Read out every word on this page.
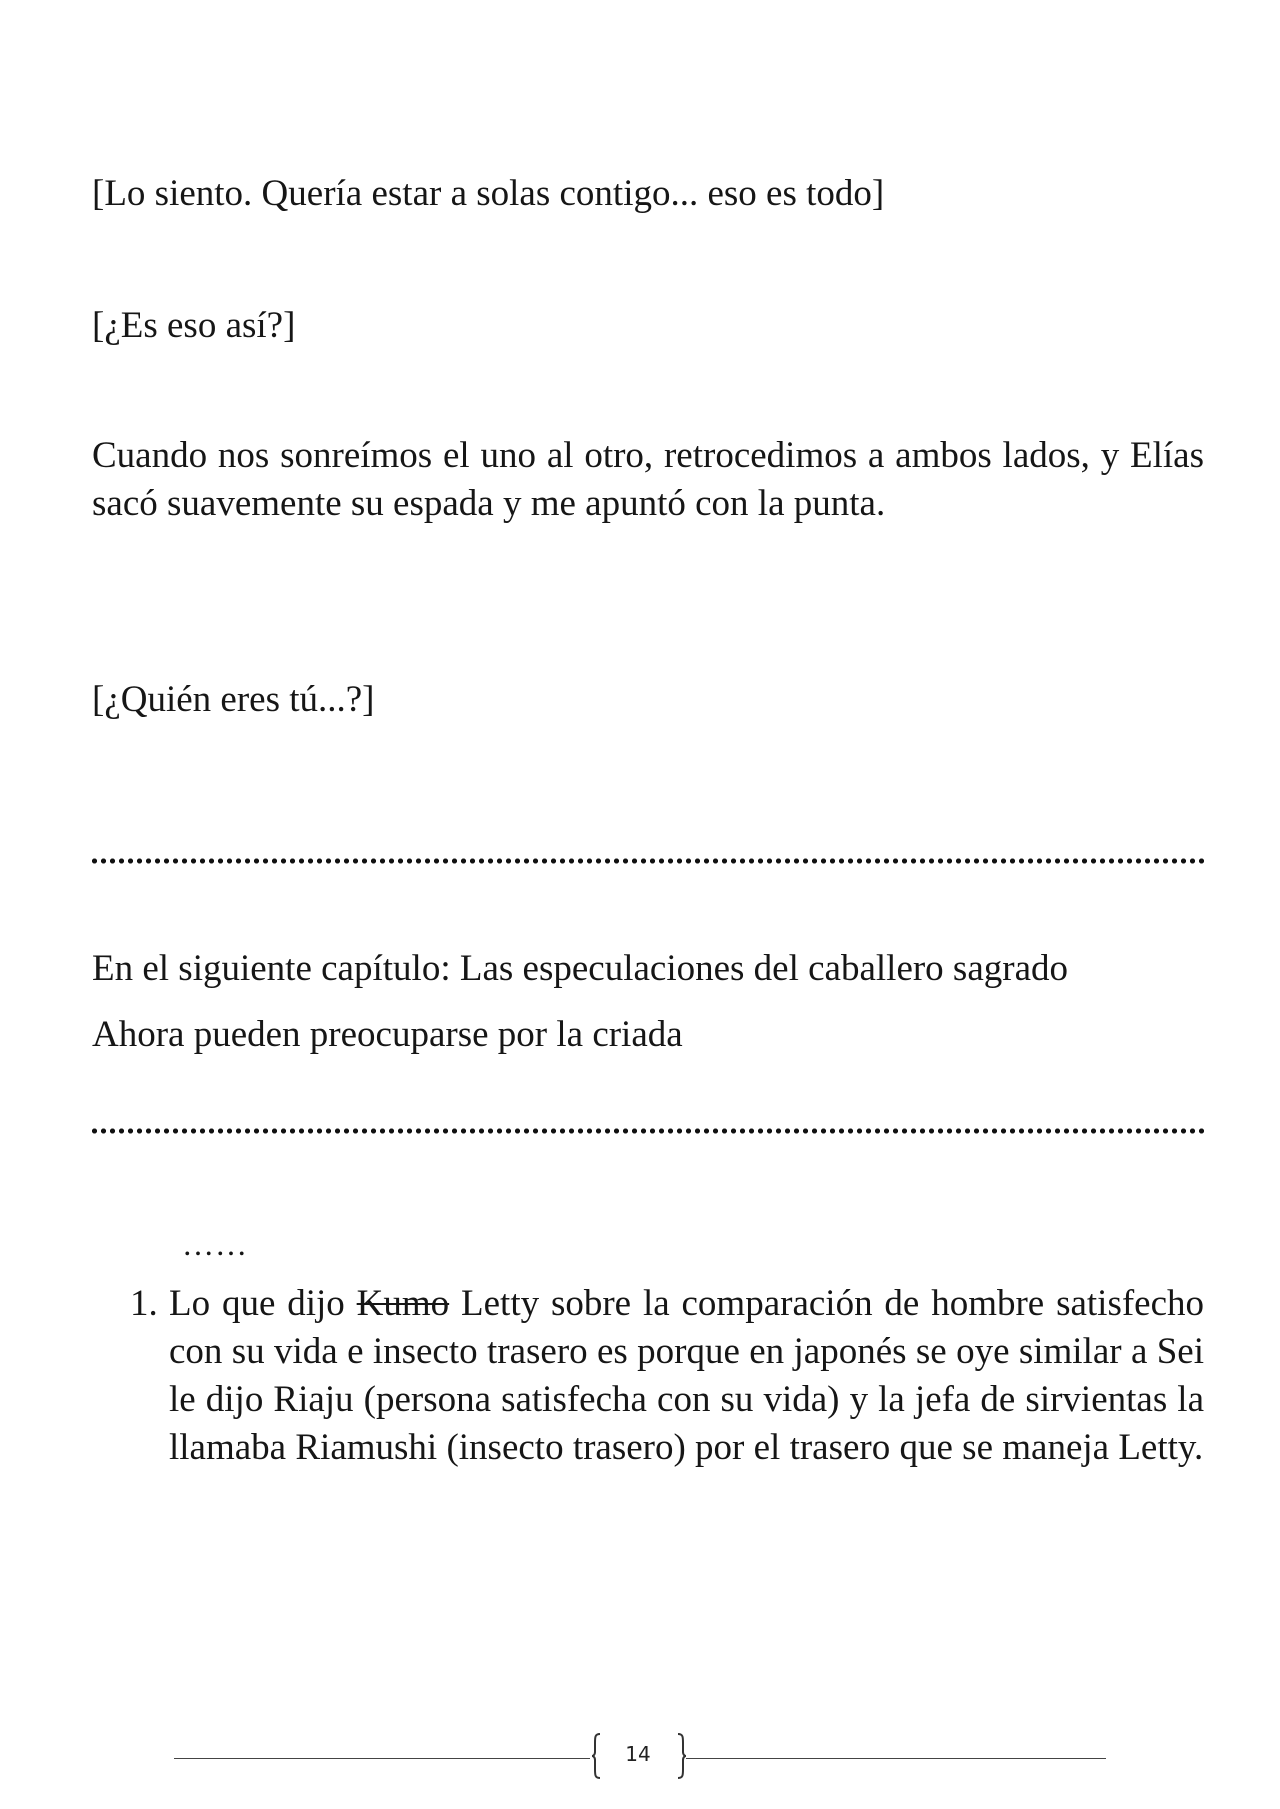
[Lo siento. Quería estar a solas contigo... eso es todo]
[¿Es eso así?]
Cuando nos sonreímos el uno al otro, retrocedimos a ambos lados, y Elías sacó suavemente su espada y me apuntó con la punta.
[¿Quién eres tú...?]
En el siguiente capítulo: Las especulaciones del caballero sagrado
Ahora pueden preocuparse por la criada
……
1. Lo que dijo Kumo Letty sobre la comparación de hombre satisfecho con su vida e insecto trasero es porque en japonés se oye similar a Sei le dijo Riaju (persona satisfecha con su vida) y la jefa de sirvientas la llamaba Riamushi (insecto trasero) por el trasero que se maneja Letty.
14
